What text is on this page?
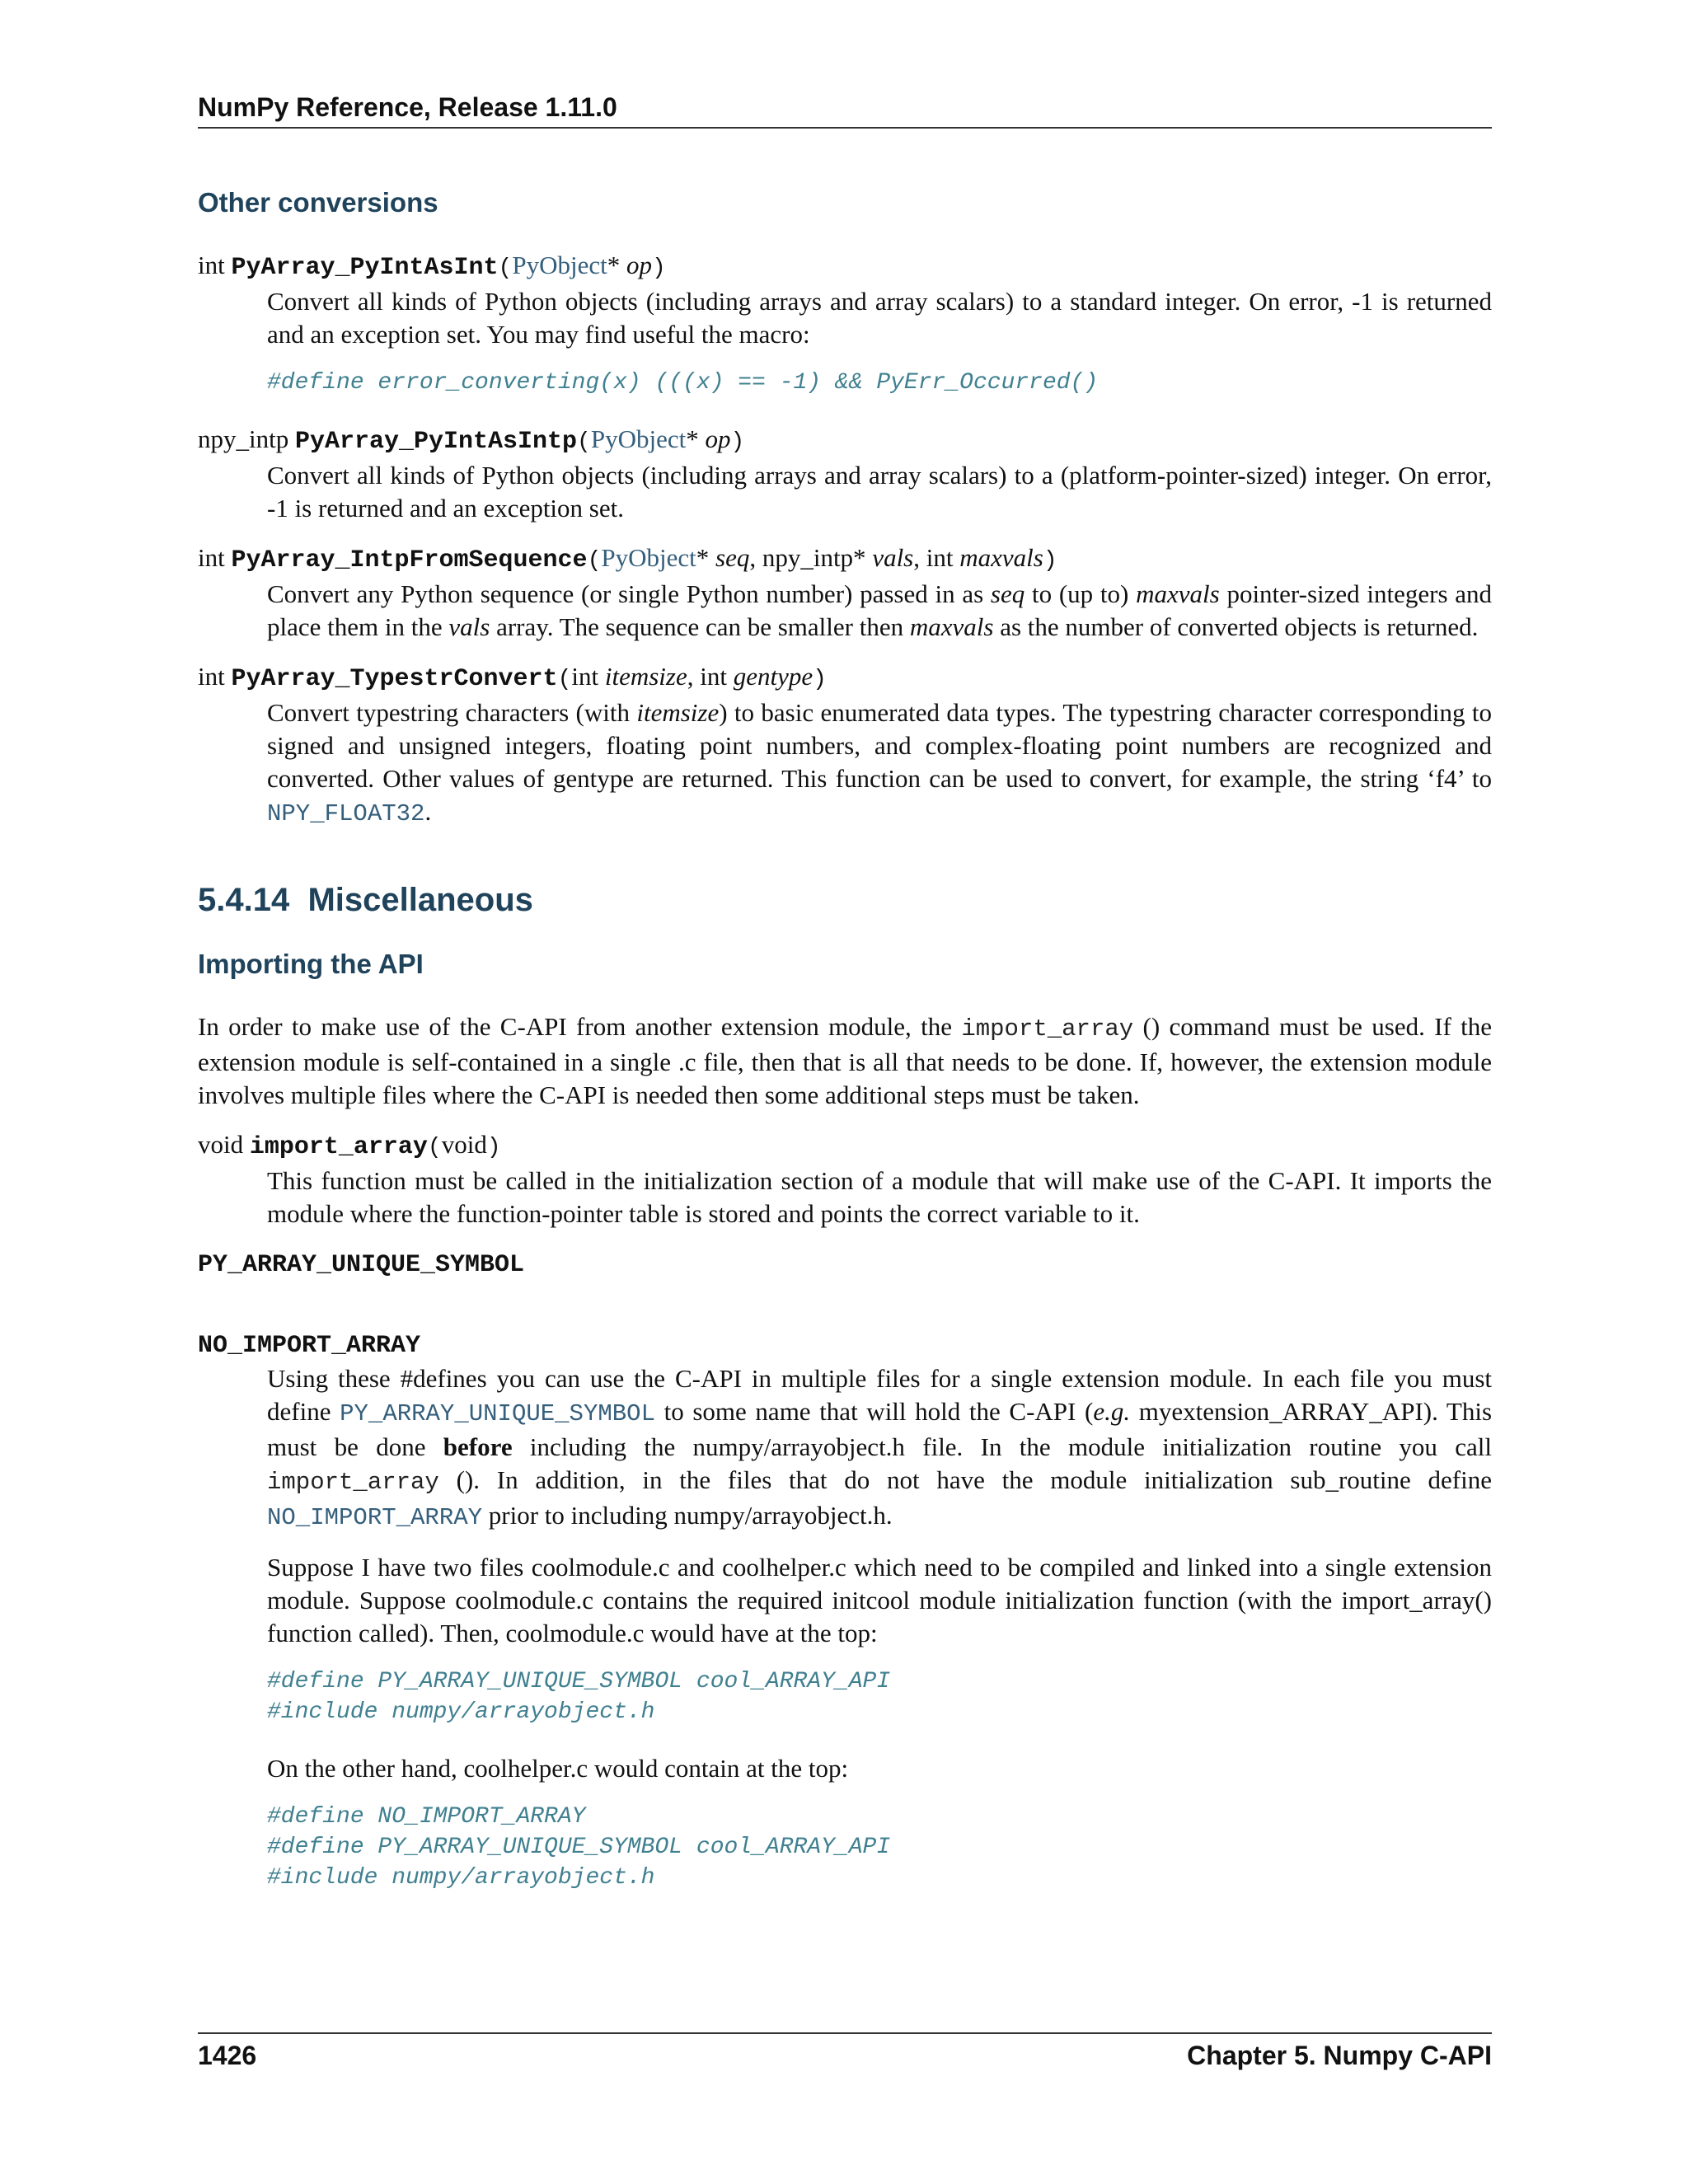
NumPy Reference, Release 1.11.0
Other conversions
int PyArray_PyIntAsInt(PyObject* op)

Convert all kinds of Python objects (including arrays and array scalars) to a standard integer. On error, -1 is returned and an exception set. You may find useful the macro:

#define error_converting(x) (((x) == -1) && PyErr_Occurred()
npy_intp PyArray_PyIntAsIntp(PyObject* op)

Convert all kinds of Python objects (including arrays and array scalars) to a (platform-pointer-sized) integer. On error, -1 is returned and an exception set.

int PyArray_IntpFromSequence(PyObject* seq, npy_intp* vals, int maxvals)

Convert any Python sequence (or single Python number) passed in as seq to (up to) maxvals pointer-sized integers and place them in the vals array. The sequence can be smaller then maxvals as the number of converted objects is returned.

int PyArray_TypestrConvert(int itemsize, int gentype)

Convert typestring characters (with itemsize) to basic enumerated data types. The typestring character corresponding to signed and unsigned integers, floating point numbers, and complex-floating point numbers are recognized and converted. Other values of gentype are returned. This function can be used to convert, for example, the string ‘f4’ to NPY_FLOAT32.

5.4.14 Miscellaneous
Importing the API

In order to make use of the C-API from another extension module, the import_array () command must be used. If the extension module is self-contained in a single .c file, then that is all that needs to be done. If, however, the extension module involves multiple files where the C-API is needed then some additional steps must be taken.

void import_array(void)

This function must be called in the initialization section of a module that will make use of the C-API. It imports the module where the function-pointer table is stored and points the correct variable to it.

PY_ARRAY_UNIQUE_SYMBOL
NO_IMPORT_ARRAY

Using these #defines you can use the C-API in multiple files for a single extension module. In each file you must define PY_ARRAY_UNIQUE_SYMBOL to some name that will hold the C-API (e.g. myextension_ARRAY_API). This must be done before including the numpy/arrayobject.h file. In the module initialization routine you call import_array (). In addition, in the files that do not have the module initialization sub_routine define NO_IMPORT_ARRAY prior to including numpy/arrayobject.h.

Suppose I have two files coolmodule.c and coolhelper.c which need to be compiled and linked into a single extension module. Suppose coolmodule.c contains the required initcool module initialization function (with the import_array() function called). Then, coolmodule.c would have at the top:

#define PY_ARRAY_UNIQUE_SYMBOL cool_ARRAY_API
#include numpy/arrayobject.h

On the other hand, coolhelper.c would contain at the top:

#define NO_IMPORT_ARRAY
#define PY_ARRAY_UNIQUE_SYMBOL cool_ARRAY_API
#include numpy/arrayobject.h
1426	Chapter 5. Numpy C-API
